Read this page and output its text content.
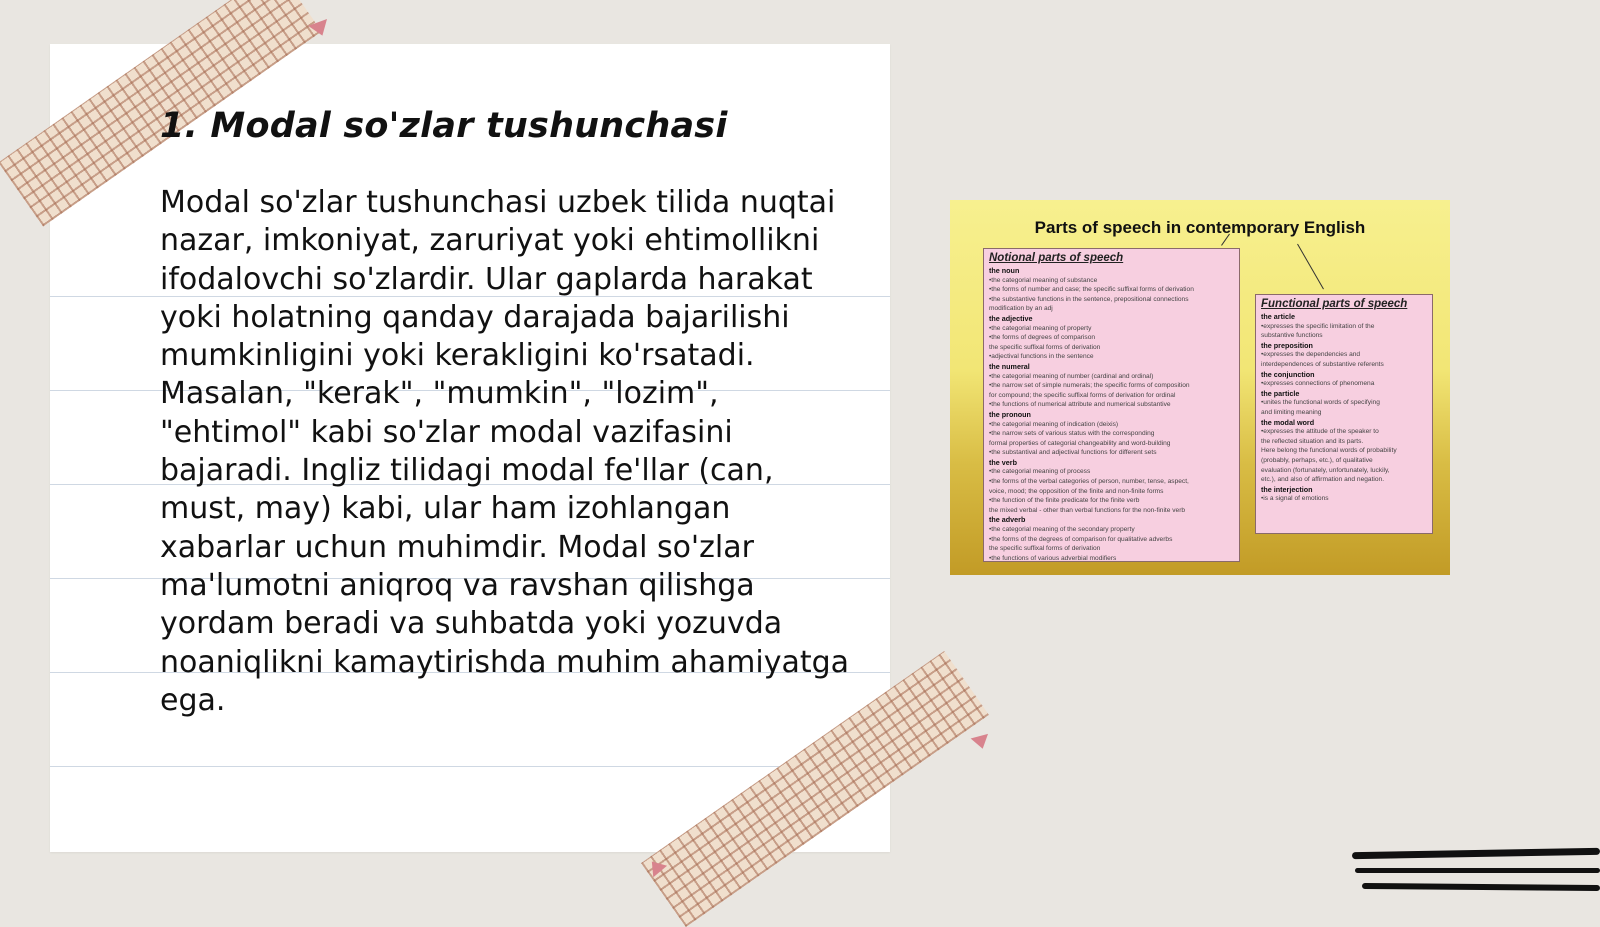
1. Modal so'zlar tushunchasi

Modal so'zlar tushunchasi uzbek tilida nuqtai nazar, imkoniyat, zaruriyat yoki ehtimollikni ifodalovchi so'zlardir. Ular gaplarda harakat yoki holatning qanday darajada bajarilishi mumkinligini yoki kerakligini ko'rsatadi. Masalan, "kerak", "mumkin", "lozim", "ehtimol" kabi so'zlar modal vazifasini bajaradi. Ingliz tilidagi modal fe'llar (can, must, may) kabi, ular ham izohlangan xabarlar uchun muhimdir. Modal so'zlar ma'lumotni aniqroq va ravshan qilishga yordam beradi va suhbatda yoki yozuvda noaniqlikni kamaytirishda muhim ahamiyatga ega.

Parts of speech in contemporary English
Notional parts of speech
the noun
•the categorial meaning of substance
•the forms of number and case; the specific suffixal forms of derivation
•the substantive functions in the sentence, prepositional connections
modification by an adj
the adjective
•the categorial meaning of property
•the forms of degrees of comparison
the specific suffixal forms of derivation
•adjectival functions in the sentence
the numeral
•the categorial meaning of number (cardinal and ordinal)
•the narrow set of simple numerals; the specific forms of composition
for compound; the specific suffixal forms of derivation for ordinal
•the functions of numerical attribute and numerical substantive
the pronoun
•the categorial meaning of indication (deixis)
•the narrow sets of various status with the corresponding
formal properties of categorial changeability and word-building
•the substantival and adjectival functions for different sets
the verb
•the categorial meaning of process
•the forms of the verbal categories of person, number, tense, aspect,
voice, mood; the opposition of the finite and non-finite forms
•the function of the finite predicate for the finite verb
the mixed verbal - other than verbal functions for the non-finite verb
the adverb
•the categorial meaning of the secondary property
•the forms of the degrees of comparison for qualitative adverbs
the specific suffixal forms of derivation
•the functions of various adverbial modifiers
Functional parts of speech
the article
•expresses the specific limitation of the
substantive functions
the preposition
•expresses the dependencies and
interdependences of substantive referents
the conjunction
•expresses connections of phenomena
the particle
•unites the functional words of specifying
and limiting meaning
the modal word
•expresses the attitude of the speaker to
the reflected situation and its parts.
Here belong the functional words of probability
(probably, perhaps, etc.), of qualitative
evaluation (fortunately, unfortunately, luckily,
etc.), and also of affirmation and negation.
the interjection
•is a signal of emotions
